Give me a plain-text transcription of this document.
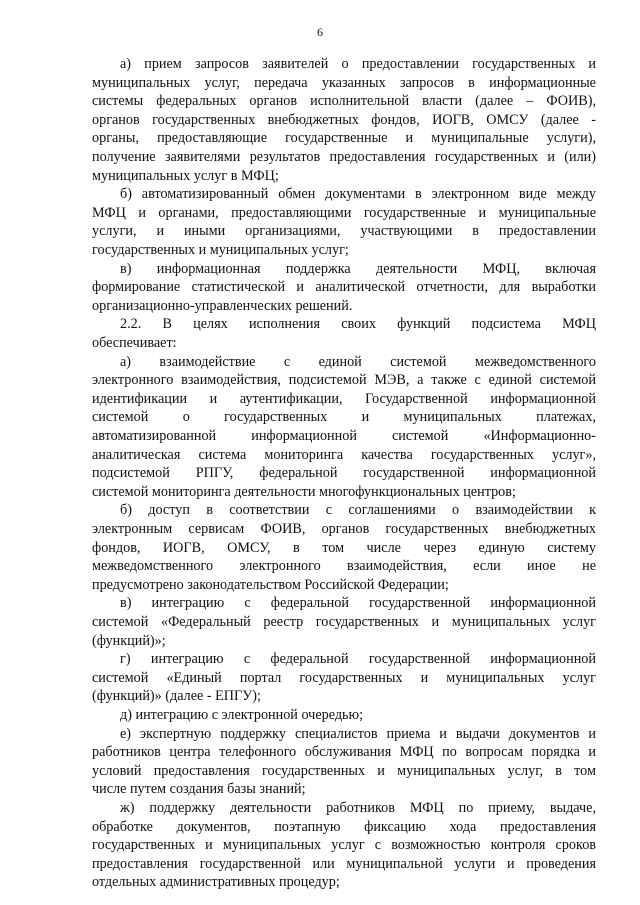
6
а) прием запросов заявителей о предоставлении государственных и
муниципальных услуг, передача указанных запросов в информационные
системы федеральных органов исполнительной власти (далее – ФОИВ),
органов государственных внебюджетных фондов, ИОГВ, ОМСУ (далее -
органы, предоставляющие государственные и муниципальные услуги),
получение заявителями результатов предоставления государственных и (или)
муниципальных услуг в МФЦ;
б) автоматизированный обмен документами в электронном виде между
МФЦ и органами, предоставляющими государственные и муниципальные
услуги, и иными организациями, участвующими в предоставлении
государственных и муниципальных услуг;
в) информационная поддержка деятельности МФЦ, включая
формирование статистической и аналитической отчетности, для выработки
организационно-управленческих решений.
2.2. В целях исполнения своих функций подсистема МФЦ
обеспечивает:
а) взаимодействие с единой системой межведомственного
электронного взаимодействия, подсистемой МЭВ, а также с единой системой
идентификации и аутентификации, Государственной информационной
системой о государственных и муниципальных платежах,
автоматизированной информационной системой «Информационно-
аналитическая система мониторинга качества государственных услуг»,
подсистемой РПГУ, федеральной государственной информационной
системой мониторинга деятельности многофункциональных центров;
б) доступ в соответствии с соглашениями о взаимодействии к
электронным сервисам ФОИВ, органов государственных внебюджетных
фондов, ИОГВ, ОМСУ, в том числе через единую систему
межведомственного электронного взаимодействия, если иное не
предусмотрено законодательством Российской Федерации;
в) интеграцию с федеральной государственной информационной
системой «Федеральный реестр государственных и муниципальных услуг
(функций)»;
г) интеграцию с федеральной государственной информационной
системой «Единый портал государственных и муниципальных услуг
(функций)» (далее - ЕПГУ);
д) интеграцию с электронной очередью;
е) экспертную поддержку специалистов приема и выдачи документов и
работников центра телефонного обслуживания МФЦ по вопросам порядка и
условий предоставления государственных и муниципальных услуг, в том
числе путем создания базы знаний;
ж) поддержку деятельности работников МФЦ по приему, выдаче,
обработке документов, поэтапную фиксацию хода предоставления
государственных и муниципальных услуг с возможностью контроля сроков
предоставления государственной или муниципальной услуги и проведения
отдельных административных процедур;
